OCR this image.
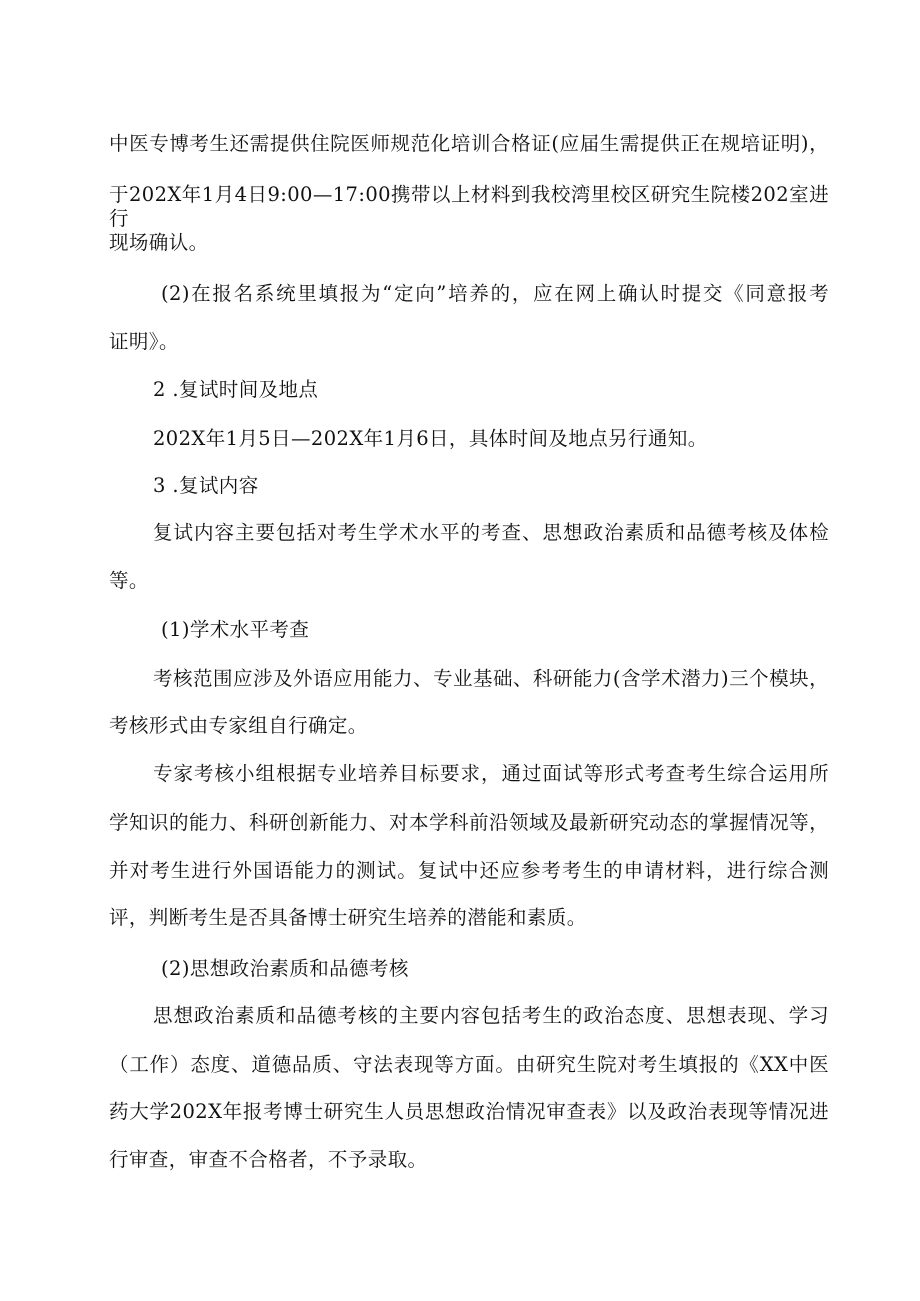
中医专博考生还需提供住院医师规范化培训合格证(应届生需提供正在规培证明)，
于202X年1月4日9:00—17:00携带以上材料到我校湾里校区研究生院楼202室进行
现场确认。
(2)在报名系统里填报为“定向”培养的，应在网上确认时提交《同意报考
证明》。
2 .复试时间及地点
202X年1月5日—202X年1月6日，具体时间及地点另行通知。
3 .复试内容
复试内容主要包括对考生学术水平的考查、思想政治素质和品德考核及体检
等。
(1)学术水平考查
考核范围应涉及外语应用能力、专业基础、科研能力(含学术潜力)三个模块，
考核形式由专家组自行确定。
专家考核小组根据专业培养目标要求，通过面试等形式考查考生综合运用所
学知识的能力、科研创新能力、对本学科前沿领域及最新研究动态的掌握情况等，
并对考生进行外国语能力的测试。复试中还应参考考生的申请材料，进行综合测
评，判断考生是否具备博士研究生培养的潜能和素质。
(2)思想政治素质和品德考核
思想政治素质和品德考核的主要内容包括考生的政治态度、思想表现、学习
（工作）态度、道德品质、守法表现等方面。由研究生院对考生填报的《XX中医
药大学202X年报考博士研究生人员思想政治情况审查表》以及政治表现等情况进
行审查，审查不合格者，不予录取。
